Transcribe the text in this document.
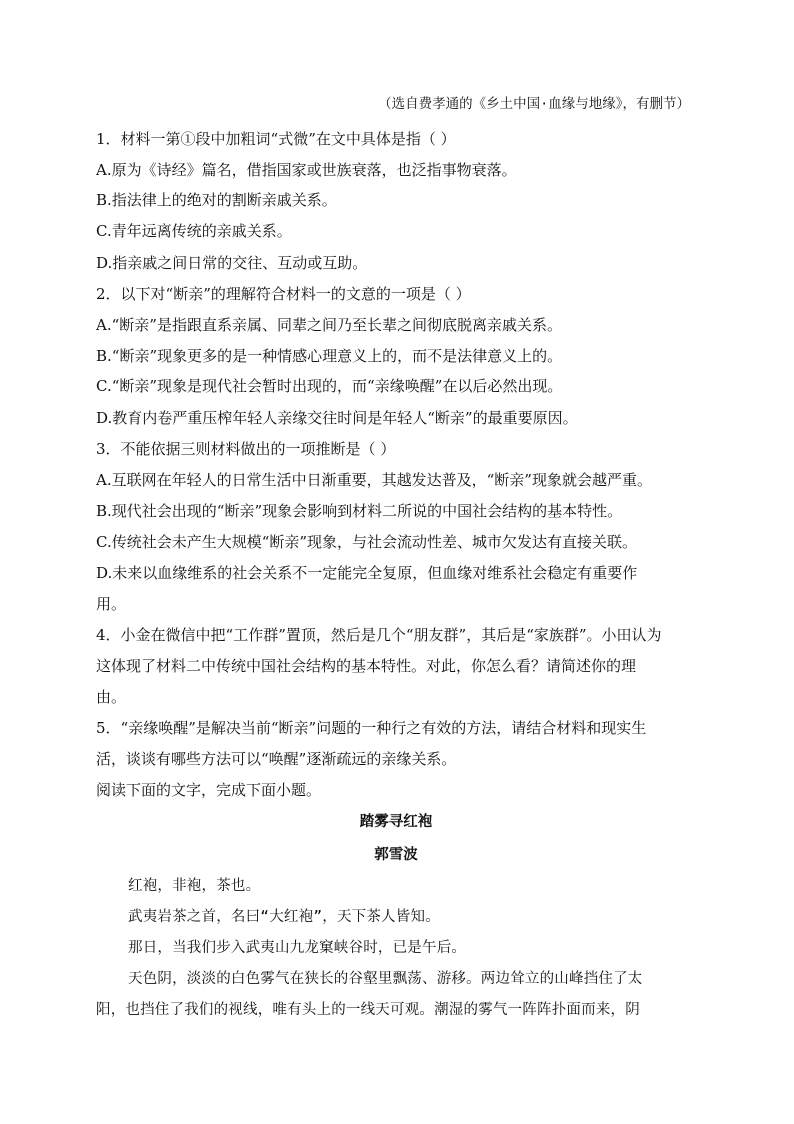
（选自费孝通的《乡土中国·血缘与地缘》，有删节）
1．材料一第①段中加粗词“式微”在文中具体是指（ ）
A.原为《诗经》篇名，借指国家或世族衰落，也泛指事物衰落。
B.指法律上的绝对的割断亲戚关系。
C.青年远离传统的亲戚关系。
D.指亲戚之间日常的交往、互动或互助。
2．以下对“断亲”的理解符合材料一的文意的一项是（ ）
A.“断亲”是指跟直系亲属、同辈之间乃至长辈之间彻底脱离亲戚关系。
B.“断亲”现象更多的是一种情感心理意义上的，而不是法律意义上的。
C.“断亲”现象是现代社会暂时出现的，而“亲缘唤醒”在以后必然出现。
D.教育内卷严重压榨年轻人亲缘交往时间是年轻人“断亲”的最重要原因。
3．不能依据三则材料做出的一项推断是（ ）
A.互联网在年轻人的日常生活中日渐重要，其越发达普及，“断亲”现象就会越严重。
B.现代社会出现的“断亲”现象会影响到材料二所说的中国社会结构的基本特性。
C.传统社会未产生大规模“断亲”现象，与社会流动性差、城市欠发达有直接关联。
D.未来以血缘维系的社会关系不一定能完全复原，但血缘对维系社会稳定有重要作
用。
4．小金在微信中把“工作群”置顶，然后是几个“朋友群”，其后是“家族群”。小田认为
这体现了材料二中传统中国社会结构的基本特性。对此，你怎么看？请简述你的理
由。
5．“亲缘唤醒”是解决当前“断亲”问题的一种行之有效的方法，请结合材料和现实生
活，谈谈有哪些方法可以“唤醒”逐渐疏远的亲缘关系。
阅读下面的文字，完成下面小题。
踏雾寻红袍
郭雪波
红袍，非袍，茶也。
武夷岩茶之首，名曰“大红袍”，天下茶人皆知。
那日，当我们步入武夷山九龙窠峡谷时，已是午后。
天色阴，淡淡的白色雾气在狭长的谷壑里飘荡、游移。两边耸立的山峰挡住了太
阳，也挡住了我们的视线，唯有头上的一线天可观。潮湿的雾气一阵阵扑面而来，阴
